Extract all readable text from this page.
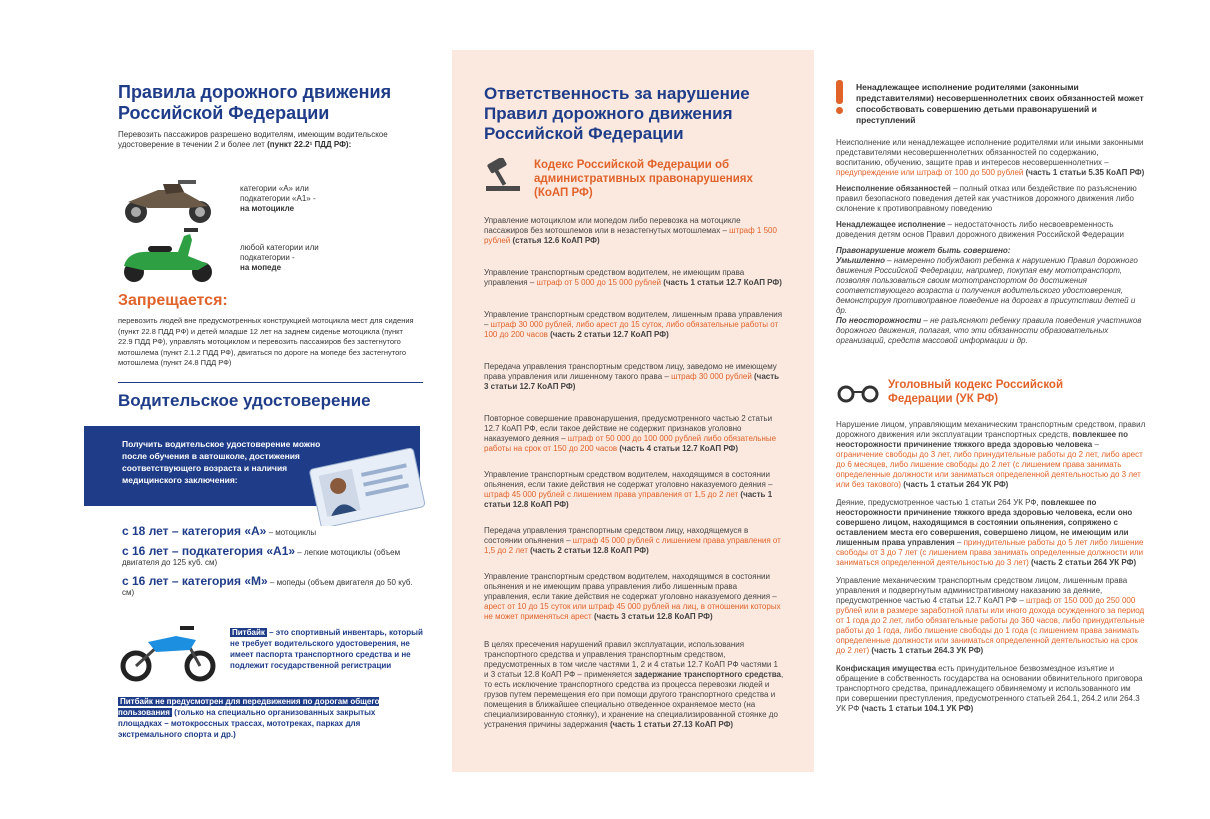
Правила дорожного движения Российской Федерации

Перевозить пассажиров разрешено водителям, имеющим водительское удостоверение в течении 2 и более лет (пункт 22.2¹ ПДД РФ):

категории «А» или подкатегории «А1» -
на мотоцикле

любой категории или подкатегории -
на мопеде

Запрещается:

перевозить людей вне предусмотренных конструкцией мотоцикла мест для сидения (пункт 22.8 ПДД РФ) и детей младше 12 лет на заднем сиденье мотоцикла (пункт 22.9 ПДД РФ), управлять мотоциклом и перевозить пассажиров без застегнутого мотошлема (пункт 2.1.2 ПДД РФ), двигаться по дороге на мопеде без застегнутого мотошлема (пункт 24.8 ПДД РФ)

Водительское удостоверение

Получить водительское удостоверение можно после обучения в автошколе, достижения соответствующего возраста и наличия медицинского заключения:

с 18 лет – категория «А» – мотоциклы

с 16 лет – подкатегория «А1» – легкие мотоциклы (объем двигателя до 125 куб. см)

с 16 лет – категория «М» – мопеды (объем двигателя до 50 куб. см)

Питбайк – это спортивный инвентарь, который не требует водительского удостоверения, не имеет паспорта транспортного средства и не подлежит государственной регистрации

Питбайк не предусмотрен для передвижения по дорогам общего пользования (только на специально организованных закрытых площадках – мотокроссных трассах, мототреках, парках для экстремального спорта и др.)

Ответственность за нарушение Правил дорожного движения Российской Федерации
Кодекс Российской Федерации об административных правонарушениях (КоАП РФ)

Управление мотоциклом или мопедом либо перевозка на мотоцикле пассажиров без мотошлемов или в незастегнутых мотошлемах – штраф 1 500 рублей (статья 12.6 КоАП РФ)

Управление транспортным средством водителем, не имеющим права управления – штраф от 5 000 до 15 000 рублей (часть 1 статьи 12.7 КоАП РФ)

Управление транспортным средством водителем, лишенным права управления – штраф 30 000 рублей, либо арест до 15 суток, либо обязательные работы от 100 до 200 часов (часть 2 статьи 12.7 КоАП РФ)

Передача управления транспортным средством лицу, заведомо не имеющему права управления или лишенному такого права – штраф 30 000 рублей (часть 3 статьи 12.7 КоАП РФ)

Повторное совершение правонарушения, предусмотренного частью 2 статьи 12.7 КоАП РФ, если такое действие не содержит признаков уголовно наказуемого деяния – штраф от 50 000 до 100 000 рублей либо обязательные работы на срок от 150 до 200 часов (часть 4 статьи 12.7 КоАП РФ)

Управление транспортным средством водителем, находящимся в состоянии опьянения, если такие действия не содержат уголовно наказуемого деяния – штраф 45 000 рублей с лишением права управления от 1,5 до 2 лет (часть 1 статьи 12.8 КоАП РФ)

Передача управления транспортным средством лицу, находящемуся в состоянии опьянения – штраф 45 000 рублей с лишением права управления от 1,5 до 2 лет (часть 2 статьи 12.8 КоАП РФ)

Управление транспортным средством водителем, находящимся в состоянии опьянения и не имеющим права управления либо лишенным права управления, если такие действия не содержат уголовно наказуемого деяния – арест от 10 до 15 суток или штраф 45 000 рублей на лиц, в отношении которых не может применяться арест (часть 3 статьи 12.8 КоАП РФ)

В целях пресечения нарушений правил эксплуатации, использования транспортного средства и управления транспортным средством, предусмотренных в том числе частями 1, 2 и 4 статьи 12.7 КоАП РФ частями 1 и 3 статьи 12.8 КоАП РФ – применяется задержание транспортного средства, то есть исключение транспортного средства из процесса перевозки людей и грузов путем перемещения его при помощи другого транспортного средства и помещения в ближайшее специально отведенное охраняемое место (на специализированную стоянку), и хранение на специализированной стоянке до устранения причины задержания (часть 1 статьи 27.13 КоАП РФ)

Ненадлежащее исполнение родителями (законными представителями) несовершеннолетних своих обязанностей может способствовать совершению детьми правонарушений и преступлений

Неисполнение или ненадлежащее исполнение родителями или иными законными представителями несовершеннолетних обязанностей по содержанию, воспитанию, обучению, защите прав и интересов несовершеннолетних – предупреждение или штраф от 100 до 500 рублей (часть 1 статьи 5.35 КоАП РФ)

Неисполнение обязанностей – полный отказ или бездействие по разъяснению правил безопасного поведения детей как участников дорожного движения либо склонение к противоправному поведению

Ненадлежащее исполнение – недостаточность либо несвоевременность доведения детям основ Правил дорожного движения Российской Федерации

Правонарушение может быть совершено:

Умышленно – намеренно побуждают ребенка к нарушению Правил дорожного движения Российской Федерации, например, покупая ему мототранспорт, позволяя пользоваться своим мототранспортом до достижения соответствующего возраста и получения водительского удостоверения, демонстрируя противоправное поведение на дорогах в присутствии детей и др.

По неосторожности – не разъясняют ребенку правила поведения участников дорожного движения, полагая, что эти обязанности образовательных организаций, средств массовой информации и др.

Уголовный кодекс Российской Федерации (УК РФ)

Нарушение лицом, управляющим механическим транспортным средством, правил дорожного движения или эксплуатации транспортных средств, повлекшее по неосторожности причинение тяжкого вреда здоровью человека – ограничение свободы до 3 лет, либо принудительные работы до 2 лет, либо арест до 6 месяцев, либо лишение свободы до 2 лет (с лишением права занимать определенные должности или заниматься определенной деятельностью до 3 лет или без такового) (часть 1 статьи 264 УК РФ)

Деяние, предусмотренное частью 1 статьи 264 УК РФ, повлекшее по неосторожности причинение тяжкого вреда здоровью человека, если оно совершено лицом, находящимся в состоянии опьянения, сопряжено с оставлением места его совершения, совершено лицом, не имеющим или лишенным права управления – принудительные работы до 5 лет либо лишение свободы от 3 до 7 лет (с лишением права занимать определенные должности или заниматься определенной деятельностью до 3 лет) (часть 2 статьи 264 УК РФ)

Управление механическим транспортным средством лицом, лишенным права управления и подвергнутым административному наказанию за деяние, предусмотренное частью 4 статьи 12.7 КоАП РФ – штраф от 150 000 до 250 000 рублей или в размере заработной платы или иного дохода осужденного за период от 1 года до 2 лет, либо обязательные работы до 360 часов, либо принудительные работы до 1 года, либо лишение свободы до 1 года (с лишением права занимать определенные должности или заниматься определенной деятельностью на срок до 2 лет) (часть 1 статьи 264.3 УК РФ)

Конфискация имущества есть принудительное безвозмездное изъятие и обращение в собственность государства на основании обвинительного приговора транспортного средства, принадлежащего обвиняемому и использованного им при совершении преступления, предусмотренного статьей 264.1, 264.2 или 264.3 УК РФ (часть 1 статьи 104.1 УК РФ)
